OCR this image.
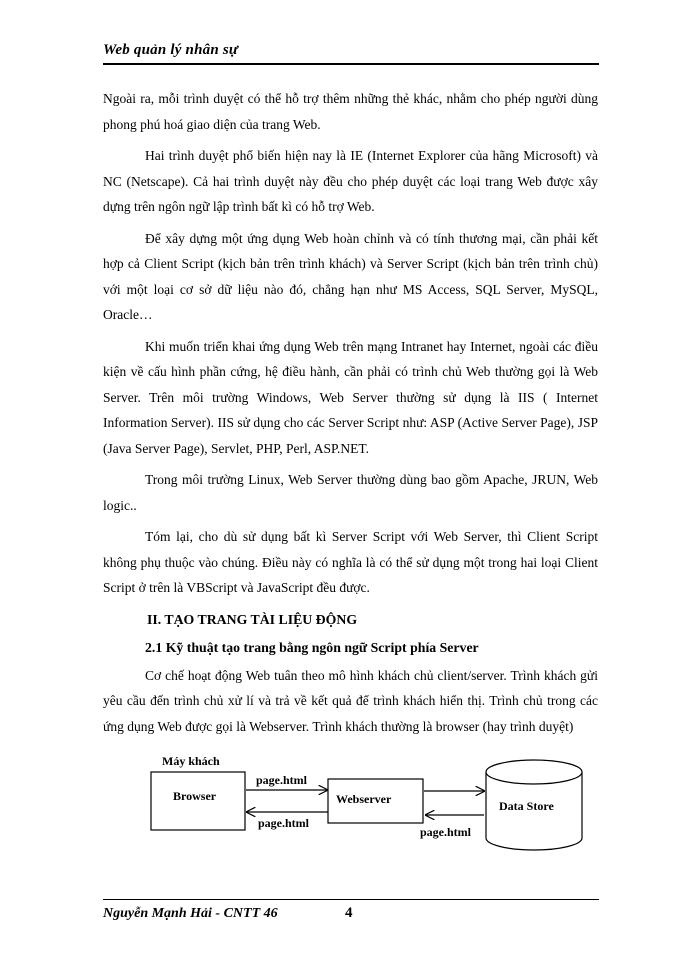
Web quản lý nhân sự

Ngoài ra, mỗi trình duyệt có thể hỗ trợ thêm những thẻ khác, nhằm cho phép người dùng phong phú hoá giao diện của trang Web.

Hai trình duyệt phổ biến hiện nay là IE (Internet Explorer của hãng Microsoft) và NC (Netscape). Cả hai trình duyệt này đều cho phép duyệt các loại trang Web được xây dựng trên ngôn ngữ lập trình bất kì có hỗ trợ Web.

Để xây dựng một ứng dụng Web hoàn chỉnh và có tính thương mại, cần phải kết hợp cả Client Script (kịch bản trên trình khách) và Server Script (kịch bản trên trình chủ) với một loại cơ sở dữ liệu nào đó, chẳng hạn như MS Access, SQL Server, MySQL, Oracle…

Khi muốn triển khai ứng dụng Web trên mạng Intranet hay Internet, ngoài các điều kiện về cấu hình phần cứng, hệ điều hành, cần phải có trình chủ Web thường gọi là Web Server. Trên môi trường Windows, Web Server thường sử dụng là IIS ( Internet Information Server). IIS sử dụng cho các Server Script như: ASP (Active Server Page), JSP (Java Server Page), Servlet, PHP, Perl, ASP.NET.

Trong môi trường Linux, Web Server thường dùng bao gồm Apache, JRUN, Web logic..

Tóm lại, cho dù sử dụng bất kì Server Script với Web Server, thì Client Script không phụ thuộc vào chúng. Điều này có nghĩa là có thể sử dụng một trong hai loại Client Script ở trên là VBScript và JavaScript đều được.

II. TẠO TRANG TÀI LIỆU ĐỘNG
2.1 Kỹ thuật tạo trang bằng ngôn ngữ Script phía Server

Cơ chế hoạt động Web tuân theo mô hình khách chủ client/server. Trình khách gửi yêu cầu đến trình chủ xử lí và trả về kết quả để trình khách hiển thị. Trình chủ trong các ứng dụng Web được gọi là Webserver. Trình khách thường là browser (hay trình duyệt)

Máy khách
Browser	Webserver	Data Store
page.html
page.html
page.html
Nguyễn Mạnh Hải - CNTT 46	4
